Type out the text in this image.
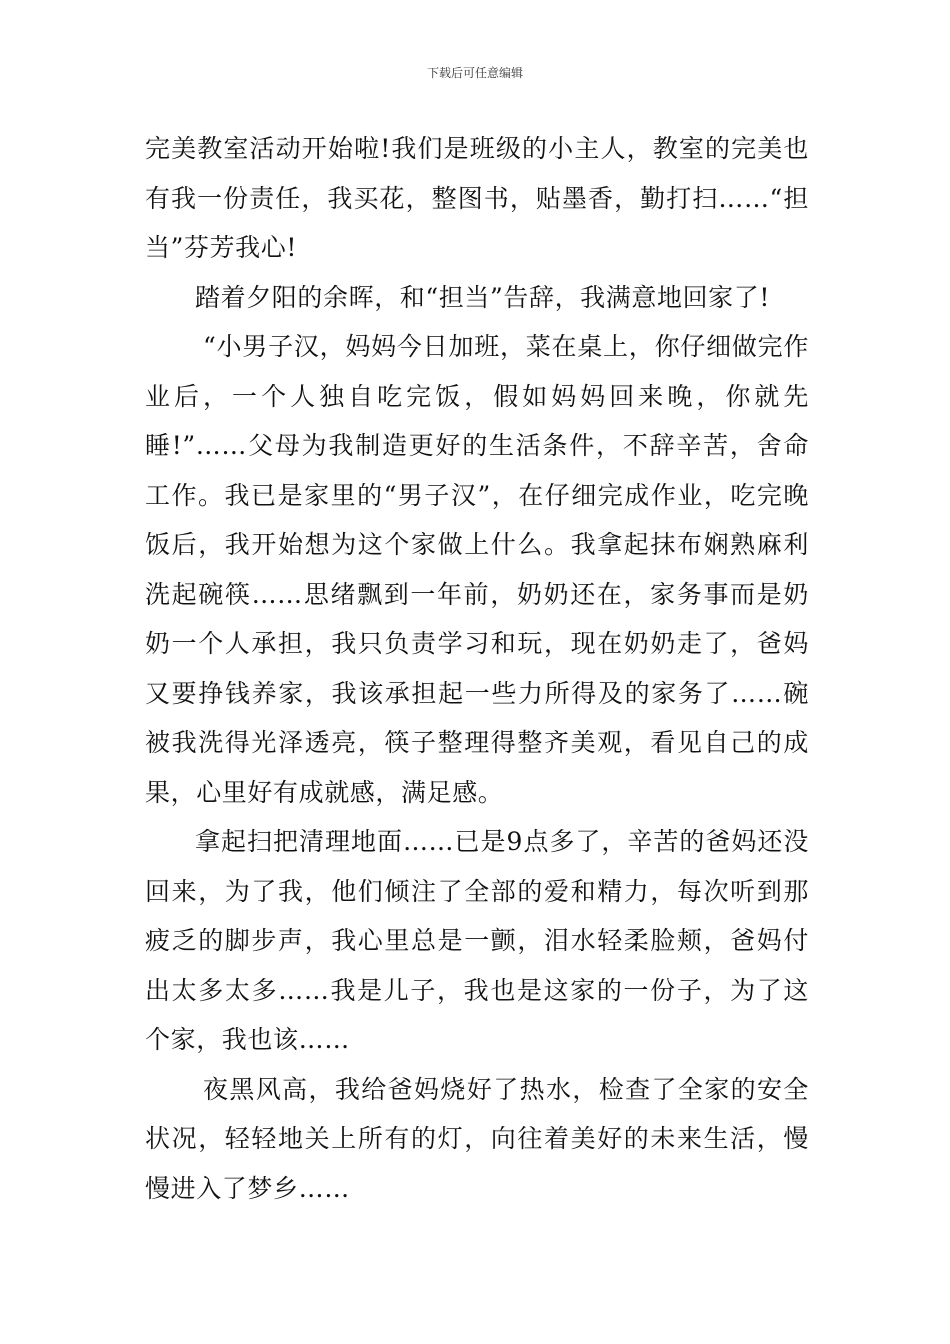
下载后可任意编辑

完美教室活动开始啦!我们是班级的小主人，教室的完美也有我一份责任，我买花，整图书，贴墨香，勤打扫……“担当”芬芳我心!

踏着夕阳的余晖，和“担当”告辞，我满意地回家了!

“小男子汉，妈妈今日加班，菜在桌上，你仔细做完作业后，一个人独自吃完饭，假如妈妈回来晚，你就先睡!”……父母为我制造更好的生活条件，不辞辛苦，舍命工作。我已是家里的“男子汉”，在仔细完成作业，吃完晚饭后，我开始想为这个家做上什么。我拿起抹布娴熟麻利洗起碗筷……思绪飘到一年前，奶奶还在，家务事而是奶奶一个人承担，我只负责学习和玩，现在奶奶走了，爸妈又要挣钱养家，我该承担起一些力所得及的家务了……碗被我洗得光泽透亮，筷子整理得整齐美观，看见自己的成果，心里好有成就感，满足感。

拿起扫把清理地面……已是9点多了，辛苦的爸妈还没回来，为了我，他们倾注了全部的爱和精力，每次听到那疲乏的脚步声，我心里总是一颤，泪水轻柔脸颊，爸妈付出太多太多……我是儿子，我也是这家的一份子，为了这个家，我也该……

夜黑风高，我给爸妈烧好了热水，检查了全家的安全状况，轻轻地关上所有的灯，向往着美好的未来生活，慢慢进入了梦乡……
